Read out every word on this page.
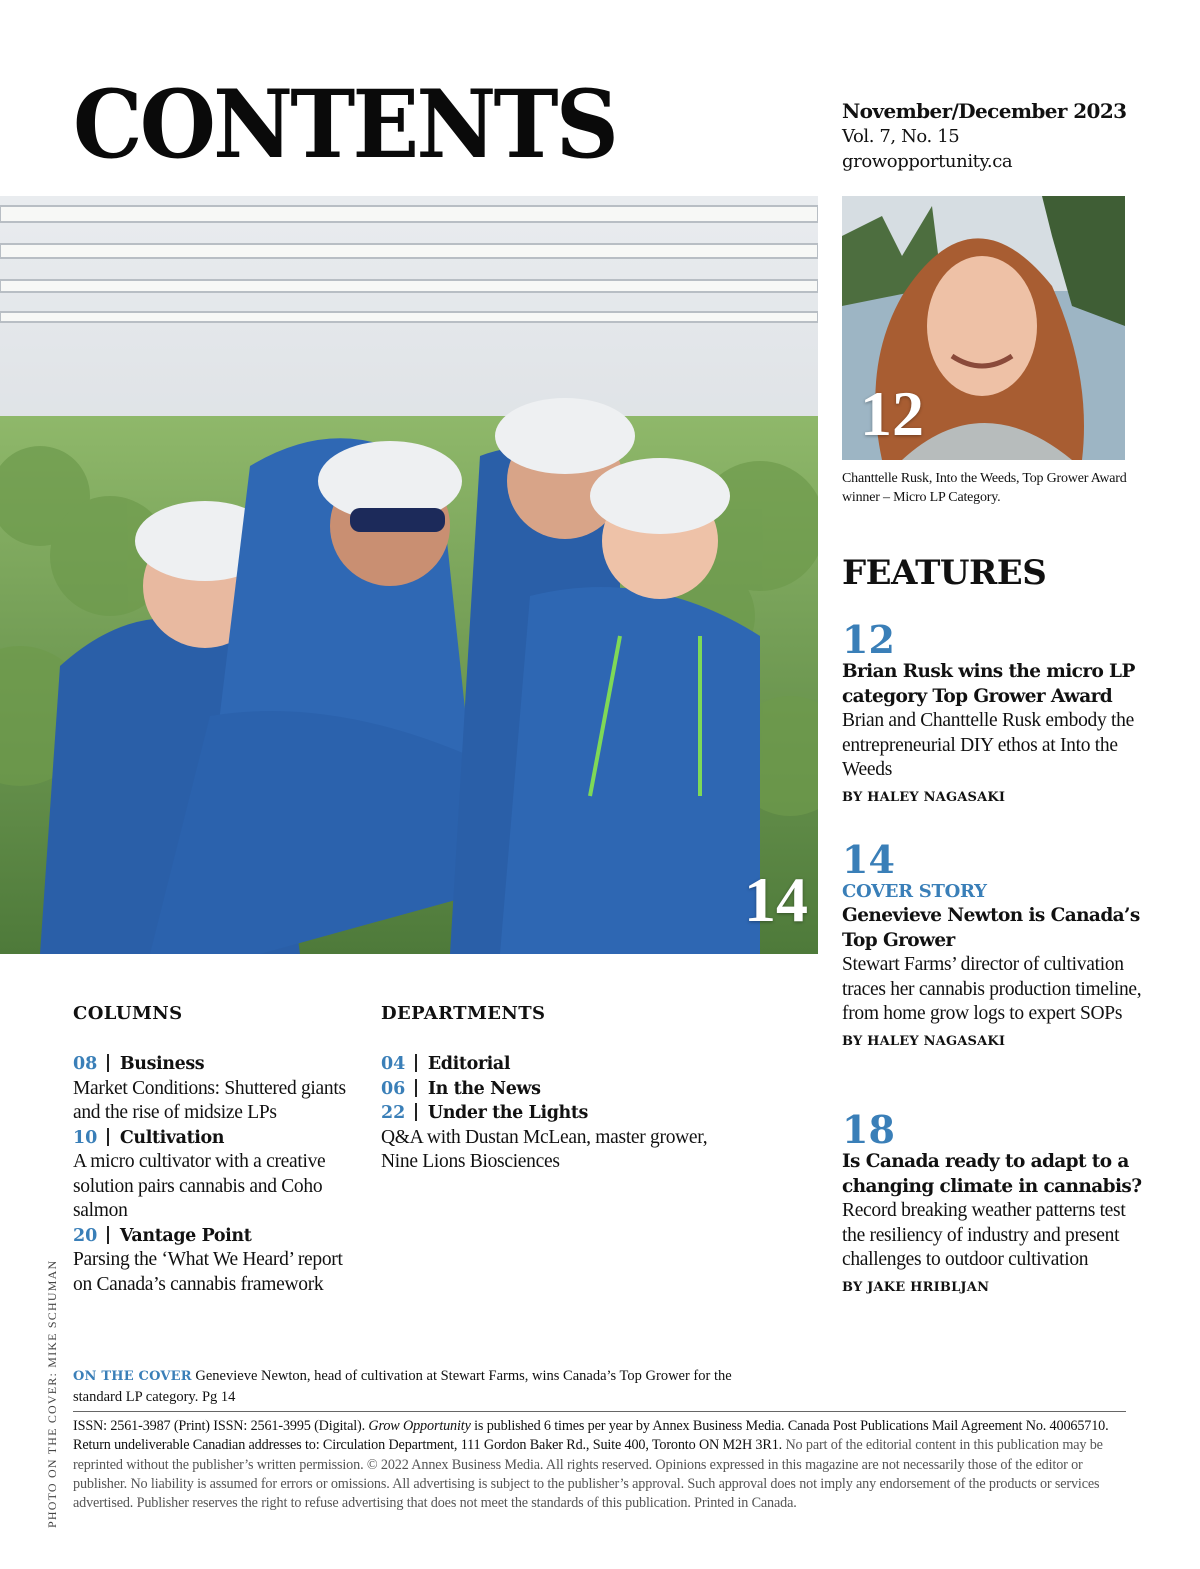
CONTENTS	November/December 2023
Vol. 7, No. 15
growopportunity.ca
14
12
Chanttelle Rusk, Into the Weeds, Top Grower Award winner – Micro LP Category.
FEATURES
12
Brian Rusk wins the micro LP category Top Grower Award
Brian and Chanttelle Rusk embody the entrepreneurial DIY ethos at Into the Weeds
BY HALEY NAGASAKI
14
COVER STORY
Genevieve Newton is Canada’s Top Grower
Stewart Farms’ director of cultivation traces her cannabis production timeline, from home grow logs to expert SOPs
BY HALEY NAGASAKI
18
Is Canada ready to adapt to a changing climate in cannabis?
Record breaking weather patterns test the resiliency of industry and present challenges to outdoor cultivation
BY JAKE HRIBLJAN
COLUMNS
08 Business
Market Conditions: Shuttered giants and the rise of midsize LPs
10 Cultivation
A micro cultivator with a creative solution pairs cannabis and Coho salmon
20 Vantage Point
Parsing the ‘What We Heard’ report on Canada’s cannabis framework
DEPARTMENTS
04 Editorial
06 In the News
22 Under the Lights
Q&A with Dustan McLean, master grower, Nine Lions Biosciences
ON THE COVER Genevieve Newton, head of cultivation at Stewart Farms, wins Canada’s Top Grower for the standard LP category. Pg 14
ISSN: 2561-3987 (Print) ISSN: 2561-3995 (Digital). Grow Opportunity is published 6 times per year by Annex Business Media. Canada Post Publications Mail Agreement No. 40065710. Return undeliverable Canadian addresses to: Circulation Department, 111 Gordon Baker Rd., Suite 400, Toronto ON M2H 3R1. No part of the editorial content in this publication may be reprinted without the publisher’s written permission. © 2022 Annex Business Media. All rights reserved. Opinions expressed in this magazine are not necessarily those of the editor or publisher. No liability is assumed for errors or omissions. All advertising is subject to the publisher’s approval. Such approval does not imply any endorsement of the products or services advertised. Publisher reserves the right to refuse advertising that does not meet the standards of this publication. Printed in Canada.
PHOTO ON THE COVER: MIKE SCHUMAN
